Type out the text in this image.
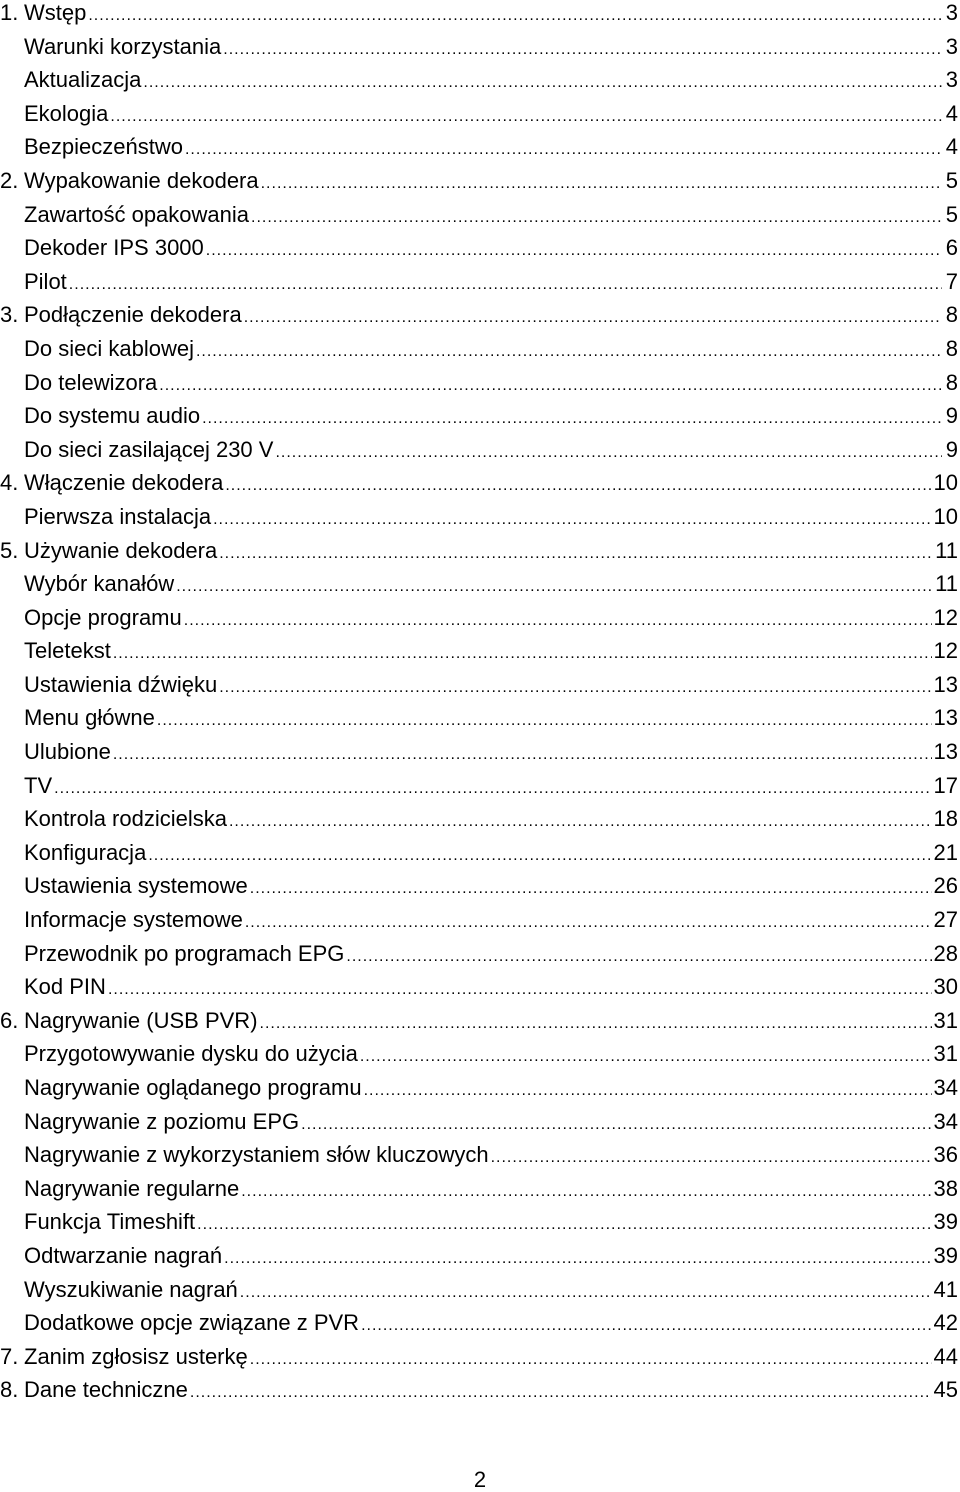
1. Wstęp .....	3
Warunki korzystania .....	3
Aktualizacja .....	3
Ekologia .....	4
Bezpieczeństwo .....	4
2. Wypakowanie dekodera .....	5
Zawartość opakowania .....	5
Dekoder IPS 3000 .....	6
Pilot .....	7
3. Podłączenie dekodera .....	8
Do sieci kablowej .....	8
Do telewizora .....	8
Do systemu audio .....	9
Do sieci zasilającej 230 V .....	9
4. Włączenie dekodera .....	10
Pierwsza instalacja .....	10
5. Używanie dekodera .....	11
Wybór kanałów .....	11
Opcje programu .....	12
Teletekst .....	12
Ustawienia dźwięku .....	13
Menu główne .....	13
Ulubione .....	13
TV .....	17
Kontrola rodzicielska .....	18
Konfiguracja .....	21
Ustawienia systemowe .....	26
Informacje systemowe .....	27
Przewodnik po programach EPG .....	28
Kod PIN .....	30
6. Nagrywanie (USB PVR) .....	31
Przygotowywanie dysku do użycia .....	31
Nagrywanie oglądanego programu .....	34
Nagrywanie z poziomu EPG .....	34
Nagrywanie z wykorzystaniem słów kluczowych .....	36
Nagrywanie regularne .....	38
Funkcja Timeshift .....	39
Odtwarzanie nagrań .....	39
Wyszukiwanie nagrań .....	41
Dodatkowe opcje związane z PVR .....	42
7. Zanim zgłosisz usterkę .....	44
8. Dane techniczne .....	45
2
